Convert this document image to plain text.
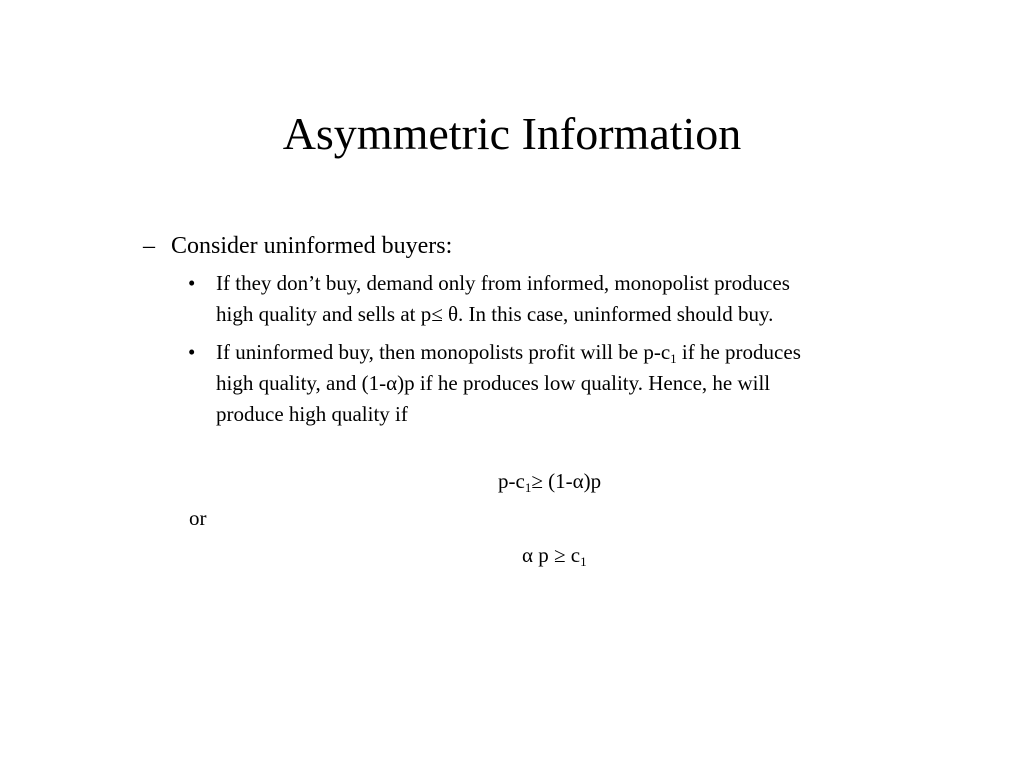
Asymmetric Information
– Consider uninformed buyers:
• If they don’t buy, demand only from informed, monopolist produces
high quality and sells at p≤ θ. In this case, uninformed should buy.
• If uninformed buy, then monopolists profit will be $p-c_1$ if he produces
high quality, and (1-α)p if he produces low quality. Hence, he will
produce high quality if
$p-c_1\ge (1-\alpha)p$
or
α $p \ge c_1$
